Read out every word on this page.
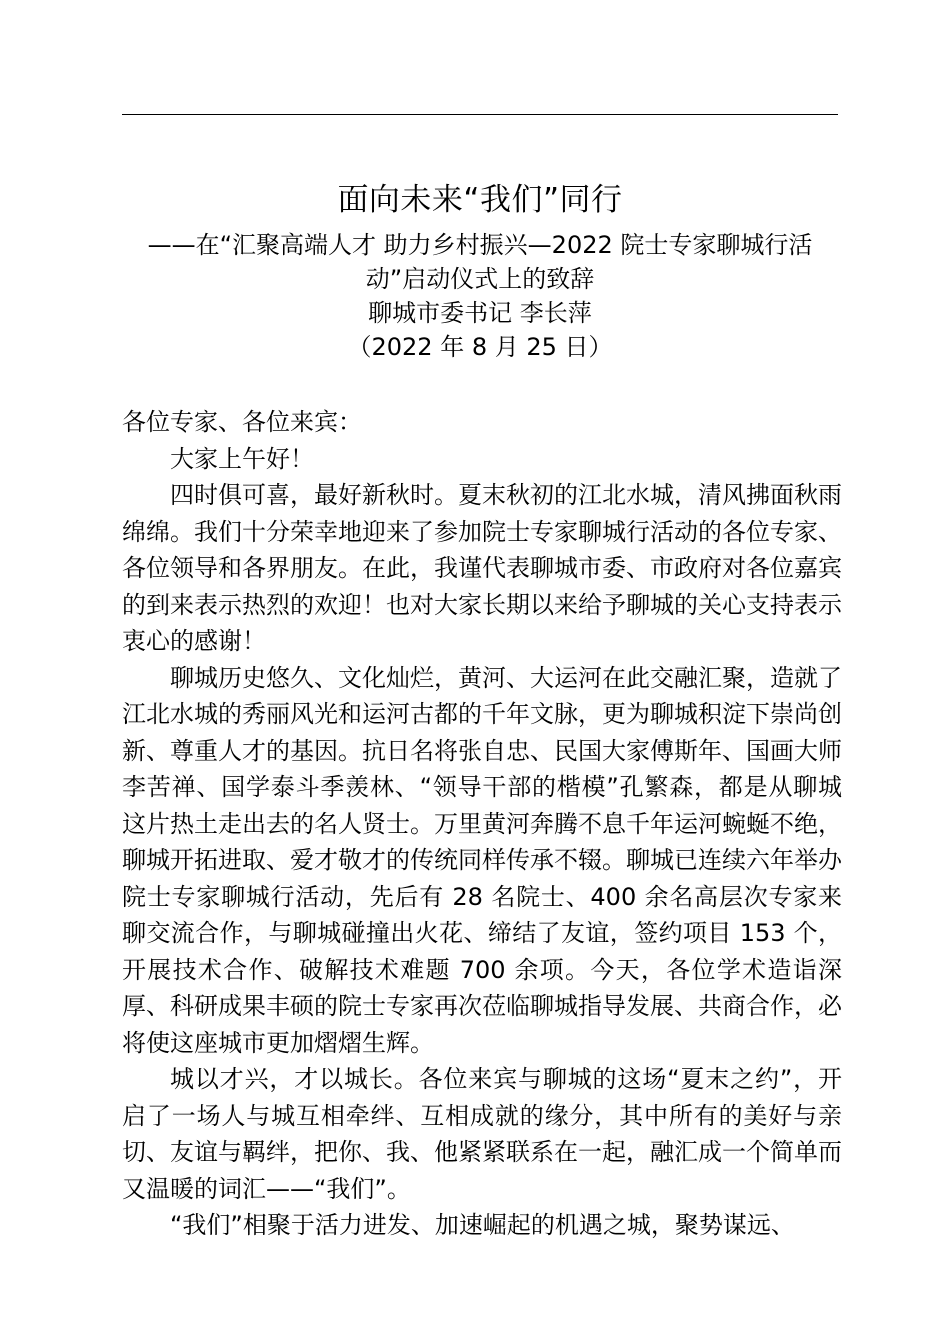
面向未来“我们”同行

——在“汇聚高端人才 助力乡村振兴—2022 院士专家聊城行活动”启动仪式上的致辞

聊城市委书记 李长萍

（2022 年 8 月 25 日）

各位专家、各位来宾：

大家上午好！

四时俱可喜，最好新秋时。夏末秋初的江北水城，清风拂面秋雨绵绵。我们十分荣幸地迎来了参加院士专家聊城行活动的各位专家、各位领导和各界朋友。在此，我谨代表聊城市委、市政府对各位嘉宾的到来表示热烈的欢迎！也对大家长期以来给予聊城的关心支持表示衷心的感谢！

聊城历史悠久、文化灿烂，黄河、大运河在此交融汇聚，造就了江北水城的秀丽风光和运河古都的千年文脉，更为聊城积淀下崇尚创新、尊重人才的基因。抗日名将张自忠、民国大家傅斯年、国画大师李苦禅、国学泰斗季羡林、“领导干部的楷模”孔繁森，都是从聊城这片热土走出去的名人贤士。万里黄河奔腾不息千年运河蜿蜒不绝，聊城开拓进取、爱才敬才的传统同样传承不辍。聊城已连续六年举办院士专家聊城行活动，先后有 28 名院士、400 余名高层次专家来聊交流合作，与聊城碰撞出火花、缔结了友谊，签约项目 153 个，开展技术合作、破解技术难题 700 余项。今天，各位学术造诣深厚、科研成果丰硕的院士专家再次莅临聊城指导发展、共商合作，必将使这座城市更加熠熠生辉。

城以才兴，才以城长。各位来宾与聊城的这场“夏末之约”，开启了一场人与城互相牵绊、互相成就的缘分，其中所有的美好与亲切、友谊与羁绊，把你、我、他紧紧联系在一起，融汇成一个简单而又温暖的词汇——“我们”。

“我们”相聚于活力进发、加速崛起的机遇之城，聚势谋远、
